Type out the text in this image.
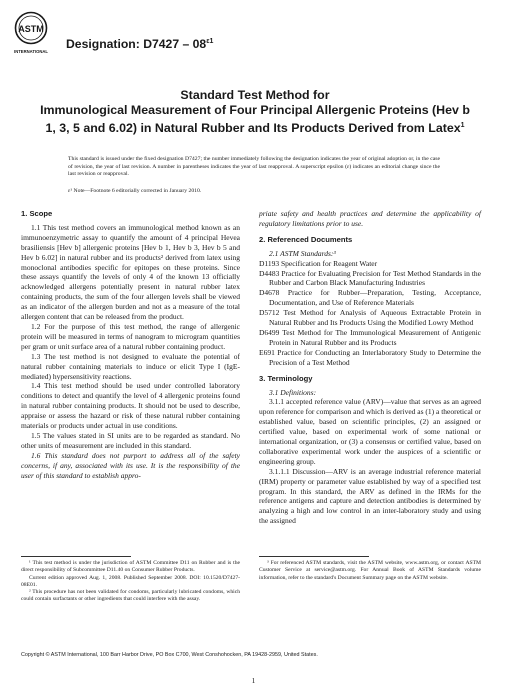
ASTM
INTERNATIONAL
Designation: $D7427 - 08^{\varepsilon 1}$
Standard Test Method for
Immunological Measurement of Four Principal Allergenic Proteins (Hev b 1, 3, 5 and 6.02) in Natural Rubber and Its Products Derived from Latex$^1$
This standard is issued under the fixed designation D7427; the number immediately following the designation indicates the year of original adoption or, in the case of revision, the year of last revision. A number in parentheses indicates the year of last reapproval. A superscript epsilon (ε) indicates an editorial change since the last revision or reapproval.
ε¹ Note—Footnote 6 editorially corrected in January 2010.
1. Scope

1.1 This test method covers an immunological method known as an immunoenzymetric assay to quantify the amount of 4 principal Hevea brasiliensis [Hev b] allergenic proteins [Hev b 1, Hev b 3, Hev b 5 and Hev b 6.02] in natural rubber and its products² derived from latex using monoclonal antibodies specific for epitopes on these proteins. Since these assays quantify the levels of only 4 of the known 13 officially acknowledged allergens potentially present in natural rubber latex containing products, the sum of the four allergen levels shall be viewed as an indicator of the allergen burden and not as a measure of the total allergen content that can be released from the product.

1.2 For the purpose of this test method, the range of allergenic protein will be measured in terms of nanogram to microgram quantities per gram or unit surface area of a natural rubber containing product.

1.3 The test method is not designed to evaluate the potential of natural rubber containing materials to induce or elicit Type I (IgE-mediated) hypersensitivity reactions.

1.4 This test method should be used under controlled laboratory conditions to detect and quantify the level of 4 allergenic proteins found in natural rubber containing products. It should not be used to describe, appraise or assess the hazard or risk of these natural rubber containing materials or products under actual in use conditions.

1.5 The values stated in SI units are to be regarded as standard. No other units of measurement are included in this standard.

1.6 This standard does not purport to address all of the safety concerns, if any, associated with its use. It is the responsibility of the user of this standard to establish appro-

priate safety and health practices and determine the applicability of regulatory limitations prior to use.

2. Referenced Documents

2.1 ASTM Standards:³

D1193 Specification for Reagent Water

D4483 Practice for Evaluating Precision for Test Method Standards in the Rubber and Carbon Black Manufacturing Industries

D4678 Practice for Rubber—Preparation, Testing, Acceptance, Documentation, and Use of Reference Materials

D5712 Test Method for Analysis of Aqueous Extractable Protein in Natural Rubber and Its Products Using the Modified Lowry Method

D6499 Test Method for The Immunological Measurement of Antigenic Protein in Natural Rubber and its Products

E691 Practice for Conducting an Interlaboratory Study to Determine the Precision of a Test Method

3. Terminology

3.1 Definitions:

3.1.1 accepted reference value (ARV)—value that serves as an agreed upon reference for comparison and which is derived as (1) a theoretical or established value, based on scientific principles, (2) an assigned or certified value, based on experimental work of some national or international organization, or (3) a consensus or certified value, based on collaborative experimental work under the auspices of a scientific or engineering group.

3.1.1.1 Discussion—ARV is an average industrial reference material (IRM) property or parameter value established by way of a specified test program. In this standard, the ARV as defined in the IRMs for the reference antigens and capture and detection antibodies is determined by analyzing a high and low control in an inter-laboratory study and using the assigned

¹ This test method is under the jurisdiction of ASTM Committee D11 on Rubber and is the direct responsibility of Subcommittee D11.40 on Consumer Rubber Products.

Current edition approved Aug. 1, 2008. Published September 2008. DOI: 10.1520/D7427-08E01.

² This procedure has not been validated for condoms, particularly lubricated condoms, which could contain surfactants or other ingredients that could interfere with the assay.

³ For referenced ASTM standards, visit the ASTM website, www.astm.org, or contact ASTM Customer Service at service@astm.org. For Annual Book of ASTM Standards volume information, refer to the standard's Document Summary page on the ASTM website.

Copyright © ASTM International, 100 Barr Harbor Drive, PO Box C700, West Conshohocken, PA 19428-2959, United States.
1
